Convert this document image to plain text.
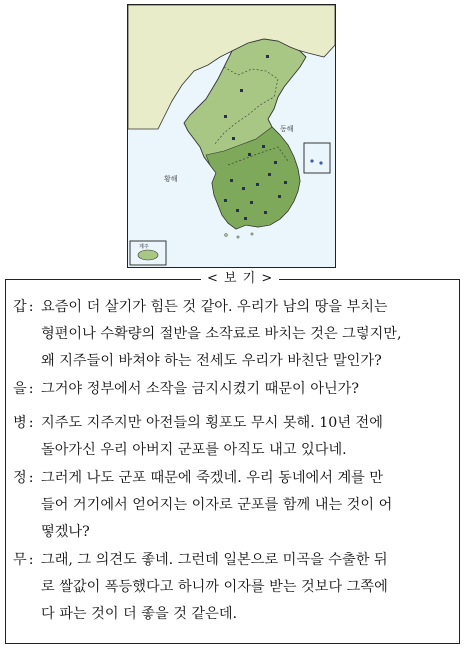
동해
황해
제주
< 보 기 >
갑 : 요즘이 더 살기가 힘든 것 같아. 우리가 남의 땅을 부치는
형편이나 수확량의 절반을 소작료로 바치는 것은 그렇지만,
왜 지주들이 바쳐야 하는 전세도 우리가 바친단 말인가?
을 : 그거야 정부에서 소작을 금지시켰기 때문이 아닌가?
병 : 지주도 지주지만 아전들의 횡포도 무시 못해. 10년 전에
돌아가신 우리 아버지 군포를 아직도 내고 있다네.
정 : 그러게 나도 군포 때문에 죽겠네. 우리 동네에서 계를 만
들어 거기에서 얻어지는 이자로 군포를 함께 내는 것이 어
떻겠나?
무 : 그래, 그 의견도 좋네. 그런데 일본으로 미곡을 수출한 뒤
로 쌀값이 폭등했다고 하니까 이자를 받는 것보다 그쪽에
다 파는 것이 더 좋을 것 같은데.
